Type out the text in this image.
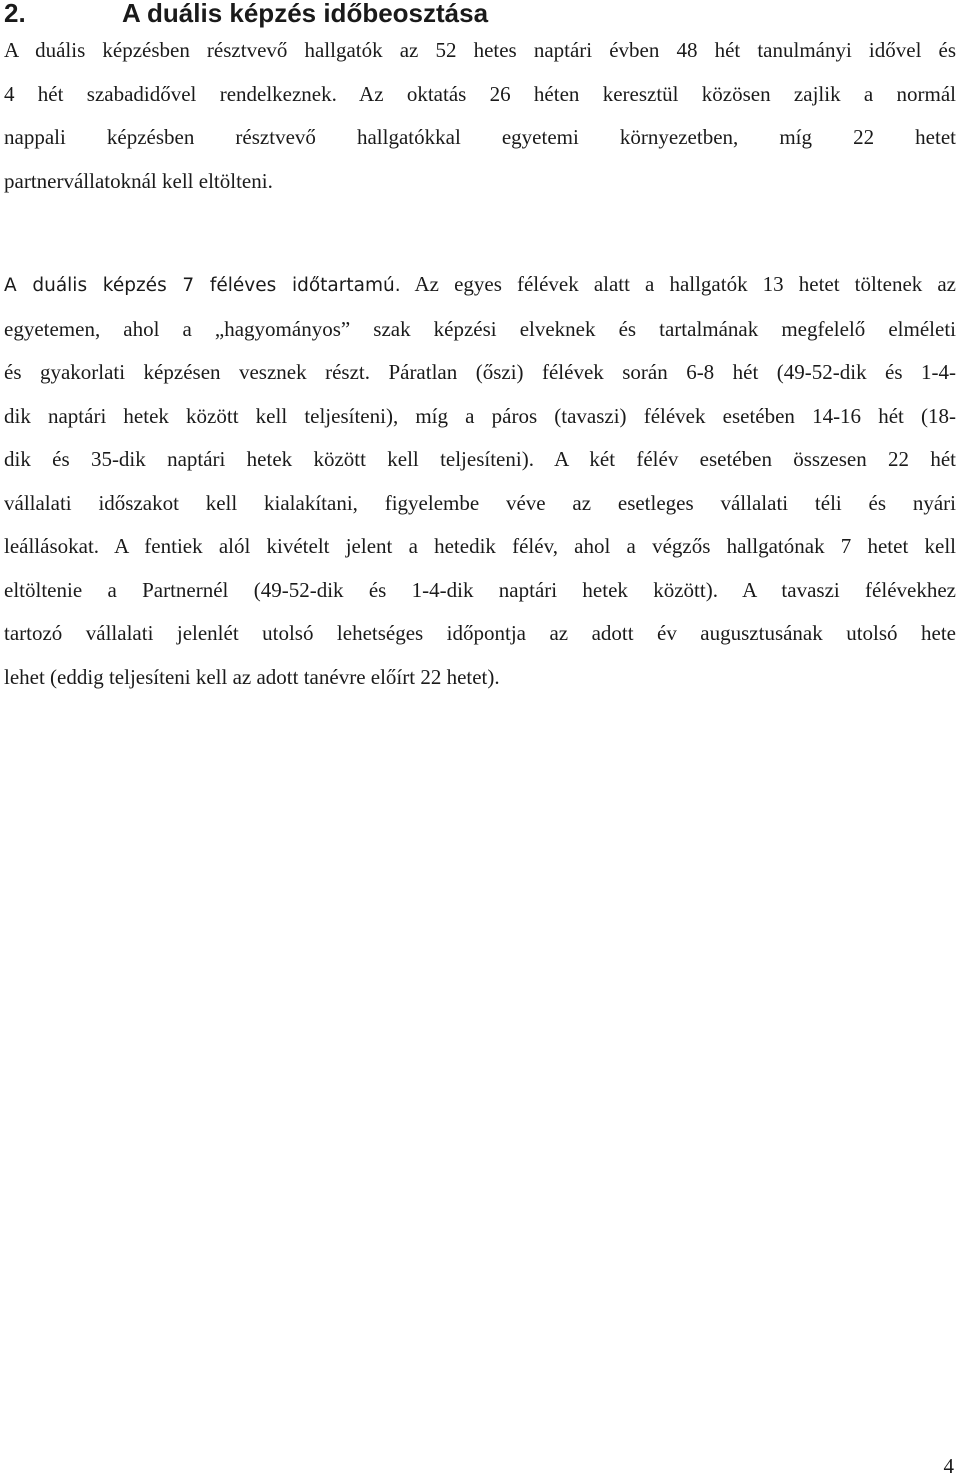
2.	A duális képzés időbeosztása
A duális képzésben résztvevő hallgatók az 52 hetes naptári évben 48 hét tanulmányi idővel és
4 hét szabadidővel rendelkeznek. Az oktatás 26 héten keresztül közösen zajlik a normál
nappali képzésben résztvevő hallgatókkal egyetemi környezetben, míg 22 hetet
partnervállatoknál kell eltölteni.
A duális képzés 7 féléves időtartamú. Az egyes félévek alatt a hallgatók 13 hetet töltenek az
egyetemen, ahol a „hagyományos” szak képzési elveknek és tartalmának megfelelő elméleti
és gyakorlati képzésen vesznek részt. Páratlan (őszi) félévek során 6-8 hét (49-52-dik és 1-4-
dik naptári hetek között kell teljesíteni), míg a páros (tavaszi) félévek esetében 14-16 hét (18-
dik és 35-dik naptári hetek között kell teljesíteni). A két félév esetében összesen 22 hét
vállalati időszakot kell kialakítani, figyelembe véve az esetleges vállalati téli és nyári
leállásokat. A fentiek alól kivételt jelent a hetedik félév, ahol a végzős hallgatónak 7 hetet kell
eltöltenie a Partnernél (49-52-dik és 1-4-dik naptári hetek között). A tavaszi félévekhez
tartozó vállalati jelenlét utolsó lehetséges időpontja az adott év augusztusának utolsó hete
lehet (eddig teljesíteni kell az adott tanévre előírt 22 hetet).
4
